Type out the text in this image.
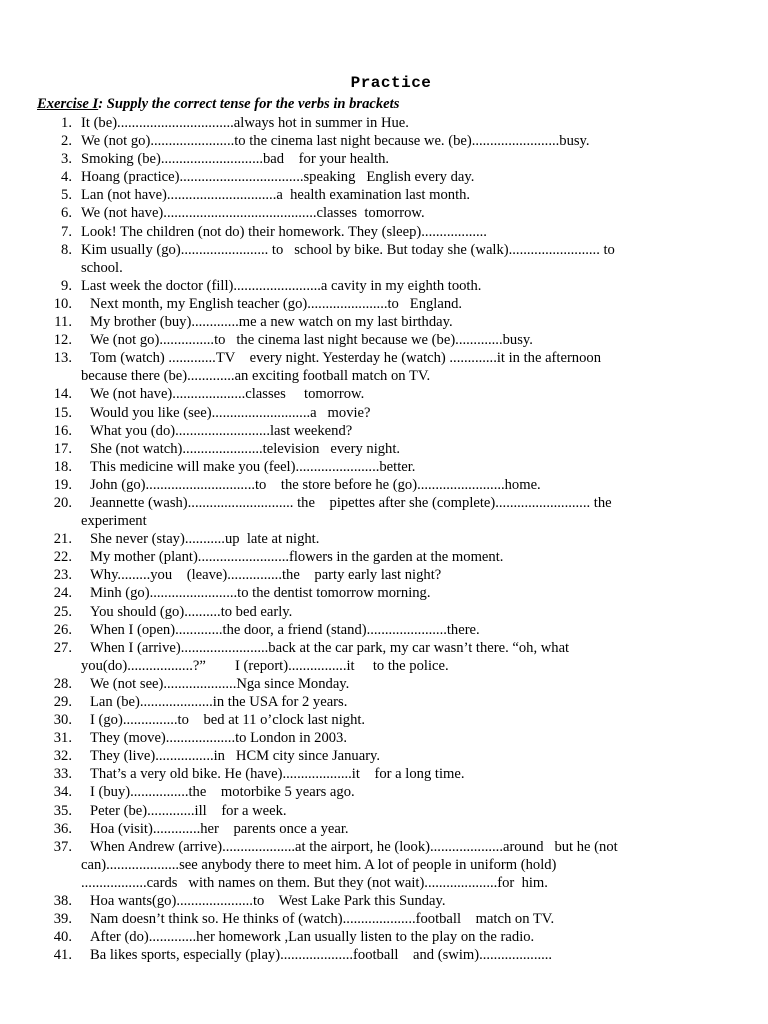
Practice
Exercise I: Supply the correct tense for the verbs in brackets
1. It (be)................................always hot in summer in Hue.
2. We (not go).......................to the cinema last night because we. (be)........................busy.
3. Smoking (be)............................bad    for your health.
4. Hoang (practice)..................................speaking   English every day.
5. Lan (not have)..............................a  health examination last month.
6. We (not have)..........................................classes  tomorrow.
7. Look! The children (not do) their homework. They (sleep)..................
8. Kim usually (go)........................ to   school by bike. But today she (walk)......................... to
school.
9. Last week the doctor (fill)........................a cavity in my eighth tooth.
10. Next month, my English teacher (go)......................to   England.
11. My brother (buy).............me a new watch on my last birthday.
12. We (not go)...............to   the cinema last night because we (be).............busy.
13. Tom (watch) .............TV    every night. Yesterday he (watch) .............it in the afternoon
because there (be).............an exciting football match on TV.
14. We (not have)....................classes     tomorrow.
15. Would you like (see)...........................a   movie?
16. What you (do)..........................last weekend?
17. She (not watch)......................television   every night.
18. This medicine will make you (feel).......................better.
19. John (go)..............................to    the store before he (go)........................home.
20. Jeannette (wash)............................. the    pipettes after she (complete).......................... the
experiment
21. She never (stay)...........up  late at night.
22. My mother (plant).........................flowers in the garden at the moment.
23. Why.........you    (leave)...............the    party early last night?
24. Minh (go)........................to the dentist tomorrow morning.
25. You should (go)..........to bed early.
26. When I (open).............the door, a friend (stand)......................there.
27. When I (arrive)........................back at the car park, my car wasn’t there. “oh, what
you(do)..................?”        I (report)................it     to the police.
28. We (not see)....................Nga since Monday.
29. Lan (be)....................in the USA for 2 years.
30. I (go)...............to    bed at 11 o’clock last night.
31. They (move)...................to London in 2003.
32. They (live)................in   HCM city since January.
33. That’s a very old bike. He (have)...................it    for a long time.
34. I (buy)................the    motorbike 5 years ago.
35. Peter (be).............ill    for a week.
36. Hoa (visit).............her    parents once a year.
37. When Andrew (arrive)....................at the airport, he (look)....................around   but he (not
can)....................see anybody there to meet him. A lot of people in uniform (hold)
..................cards   with names on them. But they (not wait)....................for  him.
38. Hoa wants(go).....................to    West Lake Park this Sunday.
39. Nam doesn’t think so. He thinks of (watch)....................football    match on TV.
40. After (do).............her homework ,Lan usually listen to the play on the radio.
41. Ba likes sports, especially (play)....................football    and (swim)....................
